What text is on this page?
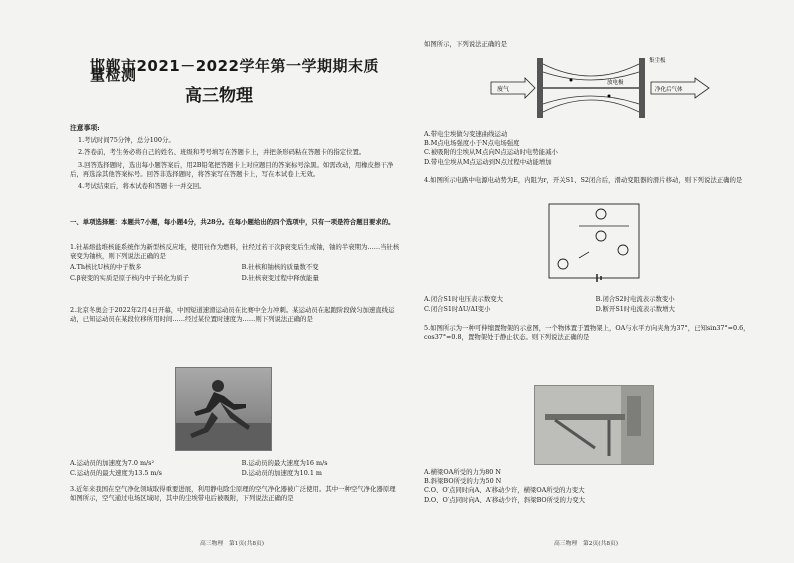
邯郸市2021－2022学年第一学期期末质量检测
高三物理
注意事项:

1.考试时间75分钟，总分100分。

2.答卷前，考生务必将自己的姓名、班级和考号填写在答题卡上，并把条形码粘在答题卡的指定位置。

3.回答选择题时，选出每小题答案后，用2B铅笔把答题卡上对应题目的答案标号涂黑。如需改动，用橡皮擦干净后，再选涂其他答案标号。回答非选择题时，将答案写在答题卡上，写在本试卷上无效。

4.考试结束后，将本试卷和答题卡一并交回。

一、单项选择题：本题共7小题，每小题4分，共28分。在每小题给出的四个选项中，只有一项是符合题目要求的。
1.钍基熔盐堆核能系统作为新型核反应堆，使用钍作为燃料，钍经过若干次β衰变后生成铀，铀的半衰期为……当钍核衰变为铀核，则下列说法正确的是
A.Th核比U核的中子数多	B.钍核和铀核的质量数不变
C.β衰变的实质是原子核内中子转化为质子	D.钍核衰变过程中释放能量
2.北京冬奥会于2022年2月4日开幕，中国短道速滑运动员在比赛中全力冲刺。某运动员在起跑阶段做匀加速直线运动，已知运动员在某段位移所用时间……经过某位置时速度为……则下列说法正确的是
A.运动员的加速度为7.0 m/s²	B.运动员的最大速度为16 m/s
C.运动员的最大速度为13.5 m/s	D.运动员的加速度为10.1 m
3.近年来我国在空气净化领域取得重要进展，利用静电除尘原理的空气净化器被广泛使用。其中一种空气净化器原理如图所示，空气通过电场区域时，其中的尘埃带电后被吸附，下列说法正确的是
高三物理　第1页(共8页)
如图所示，下列说法正确的是
废气	净化后气体
集尘板
放电极
A.带电尘埃做匀变速曲线运动
B.M点电场强度小于N点电场强度
C.被吸附的尘埃从M点向N点运动时电势能减小
D.带电尘埃从M点运动到N点过程中动能增加
4.如图所示电路中电源电动势为E，内阻为r，开关S1、S2闭合后，滑动变阻器的滑片移动，则下列说法正确的是
A.闭合S1时电压表示数变大	B.闭合S2时电流表示数变小
C.闭合S1时ΔU/ΔI变小	D.断开S1时电流表示数增大
5.如图所示为一种可伸缩置物架的示意图，一个物体置于置物架上，OA与水平方向夹角为37°，已知sin37°=0.6，cos37°=0.8，置物架处于静止状态。则下列说法正确的是
A.横梁OA所受的力为80 N
B.斜梁BO所受的力为50 N
C.O、O′点同时向A、A′移动少许，横梁OA所受的力变大
D.O、O′点同时向A、A′移动少许，斜梁BO所受的力变大
高三物理　第2页(共8页)
